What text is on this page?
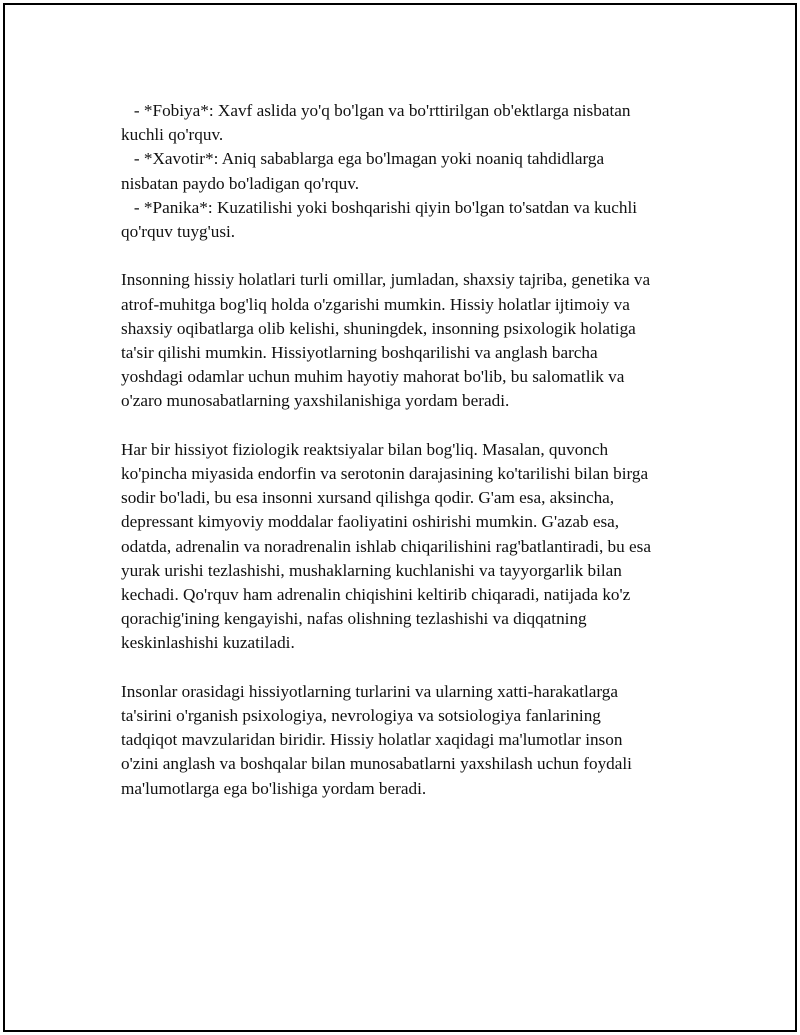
- *Fobiya*: Xavf aslida yo'q bo'lgan va bo'rttirilgan ob'ektlarga nisbatan
kuchli qo'rquv.
- *Xavotir*: Aniq sabablarga ega bo'lmagan yoki noaniq tahdidlarga
nisbatan paydo bo'ladigan qo'rquv.
- *Panika*: Kuzatilishi yoki boshqarishi qiyin bo'lgan to'satdan va kuchli
qo'rquv tuyg'usi.
Insonning hissiy holatlari turli omillar, jumladan, shaxsiy tajriba, genetika va
atrof-muhitga bog'liq holda o'zgarishi mumkin. Hissiy holatlar ijtimoiy va
shaxsiy oqibatlarga olib kelishi, shuningdek, insonning psixologik holatiga
ta'sir qilishi mumkin. Hissiyotlarning boshqarilishi va anglash barcha
yoshdagi odamlar uchun muhim hayotiy mahorat bo'lib, bu salomatlik va
o'zaro munosabatlarning yaxshilanishiga yordam beradi.
Har bir hissiyot fiziologik reaktsiyalar bilan bog'liq. Masalan, quvonch
ko'pincha miyasida endorfin va serotonin darajasining ko'tarilishi bilan birga
sodir bo'ladi, bu esa insonni xursand qilishga qodir. G'am esa, aksincha,
depressant kimyoviy moddalar faoliyatini oshirishi mumkin. G'azab esa,
odatda, adrenalin va noradrenalin ishlab chiqarilishini rag'batlantiradi, bu esa
yurak urishi tezlashishi, mushaklarning kuchlanishi va tayyorgarlik bilan
kechadi. Qo'rquv ham adrenalin chiqishini keltirib chiqaradi, natijada ko'z
qorachig'ining kengayishi, nafas olishning tezlashishi va diqqatning
keskinlashishi kuzatiladi.
Insonlar orasidagi hissiyotlarning turlarini va ularning xatti-harakatlarga
ta'sirini o'rganish psixologiya, nevrologiya va sotsiologiya fanlarining
tadqiqot mavzularidan biridir. Hissiy holatlar xaqidagi ma'lumotlar inson
o'zini anglash va boshqalar bilan munosabatlarni yaxshilash uchun foydali
ma'lumotlarga ega bo'lishiga yordam beradi.
